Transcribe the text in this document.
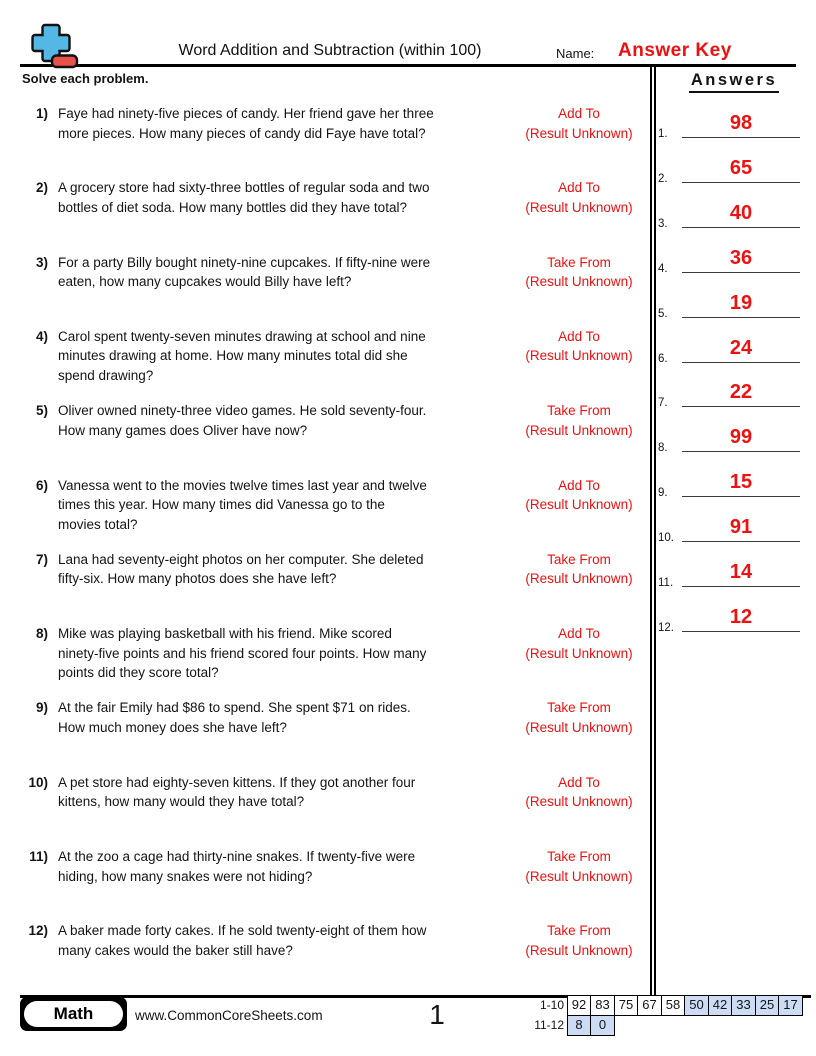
Word Addition and Subtraction (within 100)	Name: Answer Key
Solve each problem.	Answers
1.	98
2.	65
3.	40
4.	36
5.	19
6.	24
7.	22
8.	99
9.	15
10.	91
11.	14
12.	12
1) Faye had ninety-five pieces of candy. Her friend gave her three
more pieces. How many pieces of candy did Faye have total?
Add To
(Result Unknown)
2) A grocery store had sixty-three bottles of regular soda and two
bottles of diet soda. How many bottles did they have total?
Add To
(Result Unknown)
3) For a party Billy bought ninety-nine cupcakes. If fifty-nine were
eaten, how many cupcakes would Billy have left?
Take From
(Result Unknown)
4) Carol spent twenty-seven minutes drawing at school and nine
minutes drawing at home. How many minutes total did she
spend drawing?
Add To
(Result Unknown)
5) Oliver owned ninety-three video games. He sold seventy-four.
How many games does Oliver have now?
Take From
(Result Unknown)
6) Vanessa went to the movies twelve times last year and twelve
times this year. How many times did Vanessa go to the
movies total?
Add To
(Result Unknown)
7) Lana had seventy-eight photos on her computer. She deleted
fifty-six. How many photos does she have left?
Take From
(Result Unknown)
8) Mike was playing basketball with his friend. Mike scored
ninety-five points and his friend scored four points. How many
points did they score total?
Add To
(Result Unknown)
9) At the fair Emily had $86 to spend. She spent $71 on rides.
How much money does she have left?
Take From
(Result Unknown)
10) A pet store had eighty-seven kittens. If they got another four
kittens, how many would they have total?
Add To
(Result Unknown)
11) At the zoo a cage had thirty-nine snakes. If twenty-five were
hiding, how many snakes were not hiding?
Take From
(Result Unknown)
12) A baker made forty cakes. If he sold twenty-eight of them how
many cakes would the baker still have?
Take From
(Result Unknown)
Math	www.CommonCoreSheets.com	1	1-10 92 83 75 67 58 50 42 33 25 17
11-12 8	0
